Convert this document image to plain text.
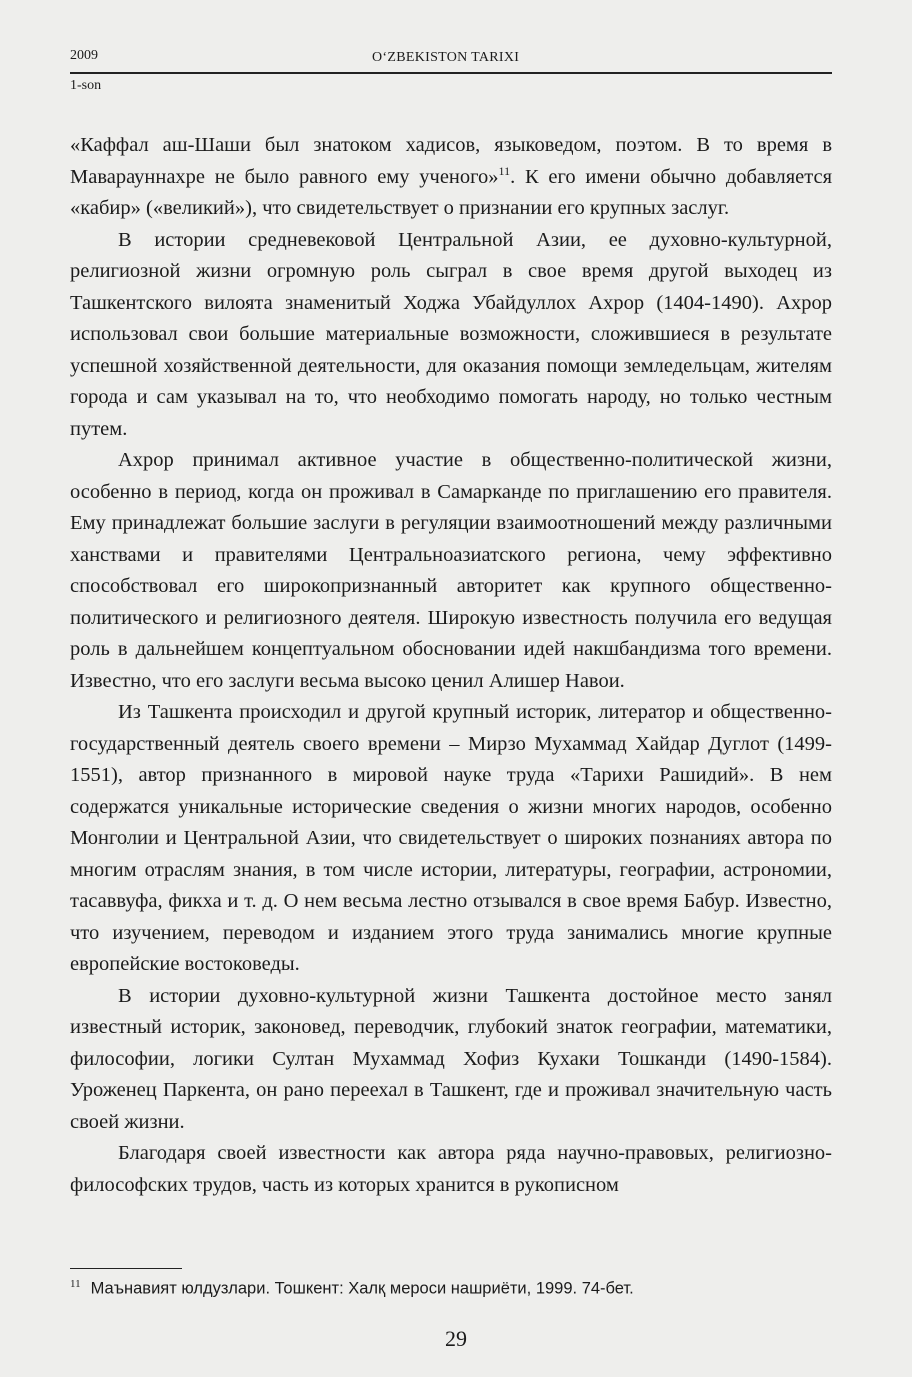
2009	O‘ZBEKISTON TARIXI
1-son

«Каффал аш-Шаши был знатоком хадисов, языковедом, поэтом. В то время в Маварауннахре не было равного ему ученого»$^{11}$. К его имени обычно добавляется «кабир» («великий»), что свидетельствует о признании его крупных заслуг.

В истории средневековой Центральной Азии, ее духовно-культурной, религиозной жизни огромную роль сыграл в свое время другой выходец из Ташкентского вилоята знаменитый Ходжа Убайдуллох Ахрор (1404-1490). Ахрор использовал свои большие материальные возможности, сложившиеся в результате успешной хозяйственной деятельности, для оказания помощи земледельцам, жителям города и сам указывал на то, что необходимо помогать народу, но только честным путем.

Ахрор принимал активное участие в общественно-политической жизни, особенно в период, когда он проживал в Самарканде по приглашению его правителя. Ему принадлежат большие заслуги в регуляции взаимоотношений между различными ханствами и правителями Центральноазиатского региона, чему эффективно способствовал его широкопризнанный авторитет как крупного общественно-политического и религиозного деятеля. Широкую известность получила его ведущая роль в дальнейшем концептуальном обосновании идей накшбандизма того времени. Известно, что его заслуги весьма высоко ценил Алишер Навои.

Из Ташкента происходил и другой крупный историк, литератор и общественно-государственный деятель своего времени – Мирзо Мухаммад Хайдар Дуглот (1499-1551), автор признанного в мировой науке труда «Тарихи Рашидий». В нем содержатся уникальные исторические сведения о жизни многих народов, особенно Монголии и Центральной Азии, что свидетельствует о широких познаниях автора по многим отраслям знания, в том числе истории, литературы, географии, астрономии, тасаввуфа, фикха и т. д. О нем весьма лестно отзывался в свое время Бабур. Известно, что изучением, переводом и изданием этого труда занимались многие крупные европейские востоковеды.

В истории духовно-культурной жизни Ташкента достойное место занял известный историк, законовед, переводчик, глубокий знаток географии, математики, философии, логики Султан Мухаммад Хофиз Кухаки Тошканди (1490-1584). Уроженец Паркента, он рано переехал в Ташкент, где и проживал значительную часть своей жизни.

Благодаря своей известности как автора ряда научно-правовых, религиозно-философских трудов, часть из которых хранится в рукописном

$^{11}$ Маънавият юлдузлари. Тошкент: Халқ мероси нашриёти, 1999. 74-бет.
29
